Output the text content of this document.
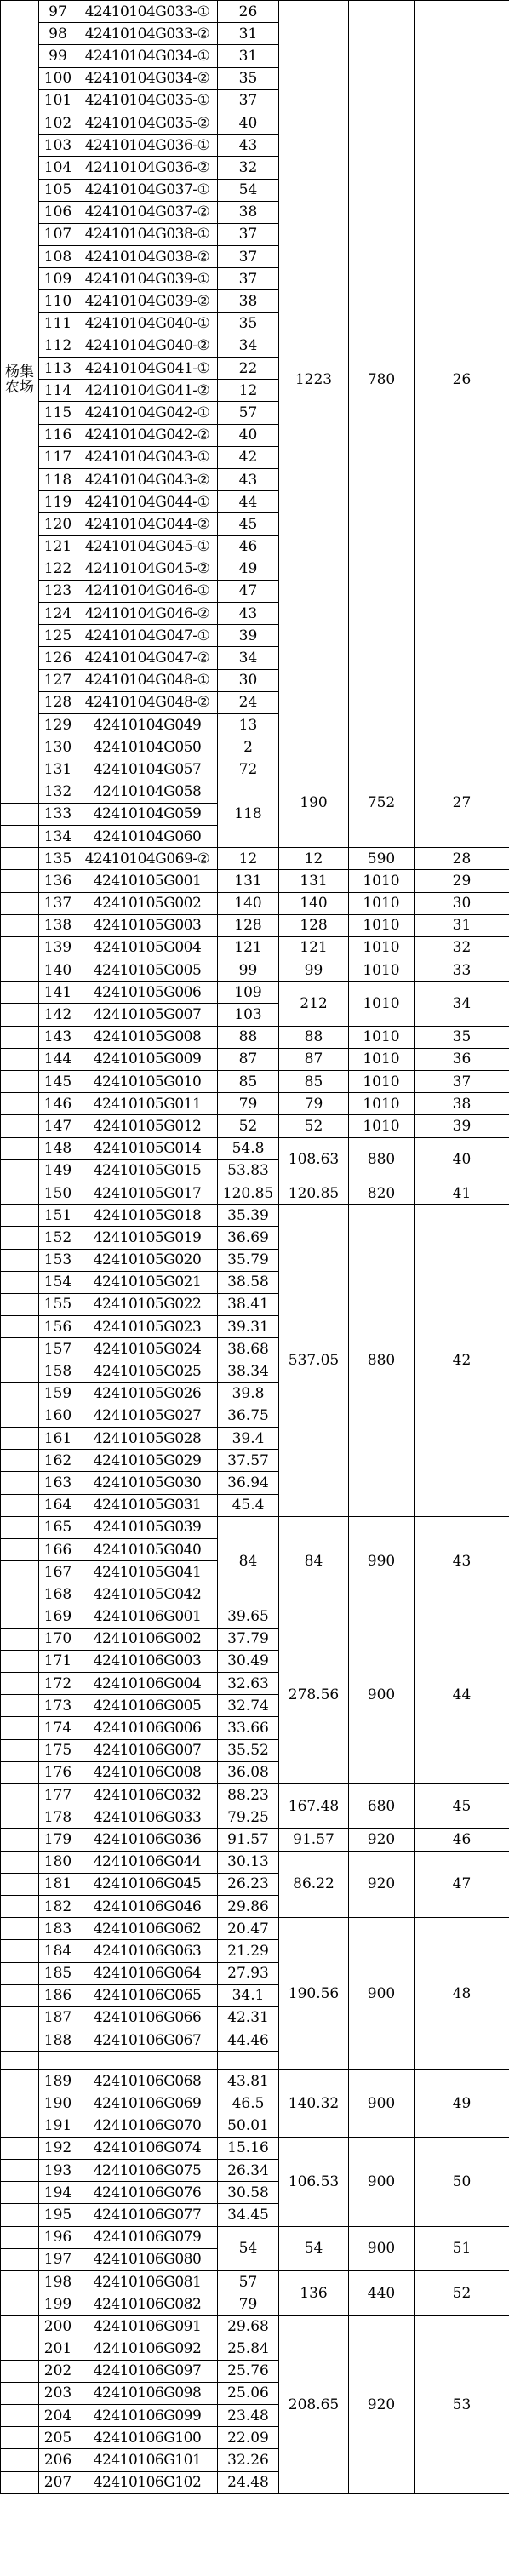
杨集
农场	97	42410104G033-①	26	1223	780	26	
	98	42410104G033-②	31				
	99	42410104G034-①	31				
	100	42410104G034-②	35				
	101	42410104G035-①	37				
	102	42410104G035-②	40				
	103	42410104G036-①	43				
	104	42410104G036-②	32				
	105	42410104G037-①	54				
	106	42410104G037-②	38				
	107	42410104G038-①	37				
	108	42410104G038-②	37				
	109	42410104G039-①	37				
	110	42410104G039-②	38				
	111	42410104G040-①	35				
	112	42410104G040-②	34				
	113	42410104G041-①	22				
	114	42410104G041-②	12				
	115	42410104G042-①	57				
	116	42410104G042-②	40				
	117	42410104G043-①	42				
	118	42410104G043-②	43				
	119	42410104G044-①	44				
	120	42410104G044-②	45				
	121	42410104G045-①	46				
	122	42410104G045-②	49				
	123	42410104G046-①	47				
	124	42410104G046-②	43				
	125	42410104G047-①	39				
	126	42410104G047-②	34				
	127	42410104G048-①	30				
	128	42410104G048-②	24				
	129	42410104G049	13				
	130	42410104G050	2				
	131	42410104G057	72	190	752	27	
	132	42410104G058	118				
	133	42410104G059					
	134	42410104G060					
	135	42410104G069-②	12	12	590	28	
	136	42410105G001	131	131	1010	29	
	137	42410105G002	140	140	1010	30	
	138	42410105G003	128	128	1010	31	
	139	42410105G004	121	121	1010	32	
	140	42410105G005	99	99	1010	33	
	141	42410105G006	109	212	1010	34	
	142	42410105G007	103				
	143	42410105G008	88	88	1010	35	
	144	42410105G009	87	87	1010	36	
	145	42410105G010	85	85	1010	37	
	146	42410105G011	79	79	1010	38	
	147	42410105G012	52	52	1010	39	
	148	42410105G014	54.8	108.63	880	40	
	149	42410105G015	53.83				
	150	42410105G017	120.85	120.85	820	41	
	151	42410105G018	35.39	537.05	880	42	
	152	42410105G019	36.69				
	153	42410105G020	35.79				
	154	42410105G021	38.58				
	155	42410105G022	38.41				
	156	42410105G023	39.31				
	157	42410105G024	38.68				
	158	42410105G025	38.34				
	159	42410105G026	39.8				
	160	42410105G027	36.75				
	161	42410105G028	39.4				
	162	42410105G029	37.57				
	163	42410105G030	36.94				
	164	42410105G031	45.4				
	165	42410105G039	84	84	990	43	
	166	42410105G040					
	167	42410105G041					
	168	42410105G042					
	169	42410106G001	39.65	278.56	900	44	
	170	42410106G002	37.79				
	171	42410106G003	30.49				
	172	42410106G004	32.63				
	173	42410106G005	32.74				
	174	42410106G006	33.66				
	175	42410106G007	35.52				
	176	42410106G008	36.08				
	177	42410106G032	88.23	167.48	680	45	
	178	42410106G033	79.25				
	179	42410106G036	91.57	91.57	920	46	
	180	42410106G044	30.13	86.22	920	47	
	181	42410106G045	26.23				
	182	42410106G046	29.86				
	183	42410106G062	20.47	190.56	900	48	
	184	42410106G063	21.29				
	185	42410106G064	27.93				
	186	42410106G065	34.1				
	187	42410106G066	42.31				
	188	42410106G067	44.46				

	189	42410106G068	43.81	140.32	900	49	
	190	42410106G069	46.5				
	191	42410106G070	50.01				
	192	42410106G074	15.16	106.53	900	50	
	193	42410106G075	26.34				
	194	42410106G076	30.58				
	195	42410106G077	34.45				
	196	42410106G079	54	54	900	51	
	197	42410106G080					
	198	42410106G081	57	136	440	52	
	199	42410106G082	79				
	200	42410106G091	29.68	208.65	920	53	
	201	42410106G092	25.84				
	202	42410106G097	25.76				
	203	42410106G098	25.06				
	204	42410106G099	23.48				
	205	42410106G100	22.09				
	206	42410106G101	32.26				
	207	42410106G102	24.48				
